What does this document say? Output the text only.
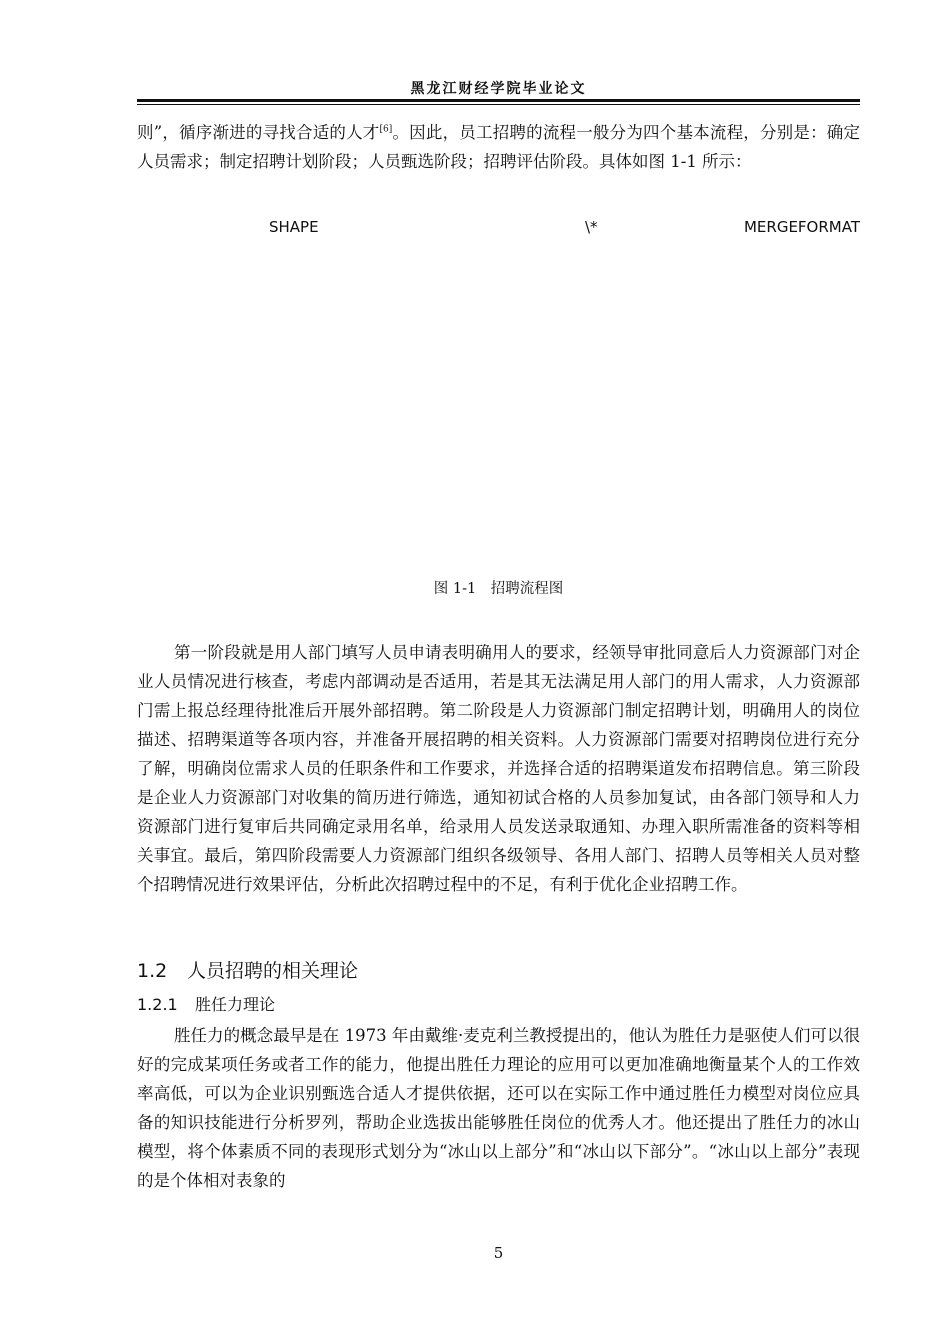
黑龙江财经学院毕业论文

则”，循序渐进的寻找合适的人才[6]。因此，员工招聘的流程一般分为四个基本流程，分别是：确定人员需求；制定招聘计划阶段；人员甄选阶段；招聘评估阶段。具体如图 1-1 所示：

SHAPE	\*	MERGEFORMAT
图 1-1　招聘流程图

第一阶段就是用人部门填写人员申请表明确用人的要求，经领导审批同意后人力资源部门对企业人员情况进行核查，考虑内部调动是否适用，若是其无法满足用人部门的用人需求，人力资源部门需上报总经理待批准后开展外部招聘。第二阶段是人力资源部门制定招聘计划，明确用人的岗位描述、招聘渠道等各项内容，并准备开展招聘的相关资料。人力资源部门需要对招聘岗位进行充分了解，明确岗位需求人员的任职条件和工作要求，并选择合适的招聘渠道发布招聘信息。第三阶段是企业人力资源部门对收集的简历进行筛选，通知初试合格的人员参加复试，由各部门领导和人力资源部门进行复审后共同确定录用名单，给录用人员发送录取通知、办理入职所需准备的资料等相关事宜。最后，第四阶段需要人力资源部门组织各级领导、各用人部门、招聘人员等相关人员对整个招聘情况进行效果评估，分析此次招聘过程中的不足，有利于优化企业招聘工作。

1.2 人员招聘的相关理论
1.2.1 胜任力理论

胜任力的概念最早是在 1973 年由戴维·麦克利兰教授提出的，他认为胜任力是驱使人们可以很好的完成某项任务或者工作的能力，他提出胜任力理论的应用可以更加准确地衡量某个人的工作效率高低，可以为企业识别甄选合适人才提供依据，还可以在实际工作中通过胜任力模型对岗位应具备的知识技能进行分析罗列，帮助企业选拔出能够胜任岗位的优秀人才。他还提出了胜任力的冰山模型，将个体素质不同的表现形式划分为“冰山以上部分”和“冰山以下部分”。“冰山以上部分”表现的是个体相对表象的

5
